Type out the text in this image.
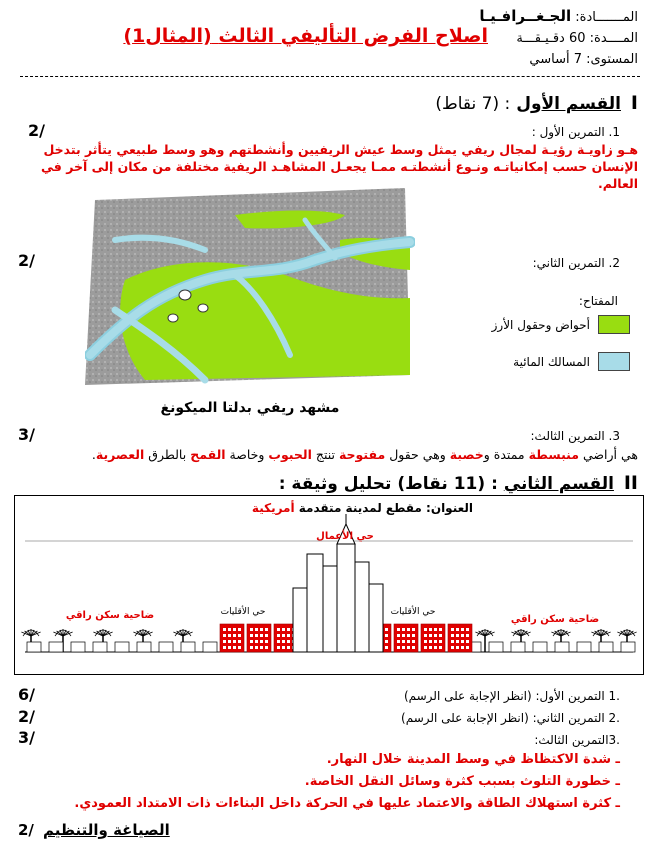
المـــــــادة: الجـغــرافـيـا
المــــدة: 60 دقـيـقـــة
المستوى: 7 أساسي
اصلاح الفرض التأليفي الثالث (المثال1)
I القسم الأول : (7 نقاط)
1. التمرين الأول :
2/
هـو زاويـة رؤيـة لمجال ريفي يمثل وسط عيش الريفيين وأنشطتهم وهو وسط طبيعي يتأثر بتدخل الإنسان حسب إمكانياتـه ونـوع أنشطتـه ممـا يجعـل المشاهـد الريفية مختلفة من مكان إلى آخر في العالم.
مشهد ريفي بدلتا الميكونغ
2. التمرين الثاني:
2/
المفتاح:
أحواض وحقول الأرز
المسالك المائية
3. التمرين الثالث:
3/
هي أراضي منبسطة ممتدة وخصبة وهي حقول مفتوحة تنتج الحبوب وخاصة القمح بالطرق العصرية.
II القسم الثاني : (11 نقاط) تحليل وثيقة :
العنوان: مقطع لمدينة متقدمة أمريكية
حي الأعمال
حي الأقليات	حي الأقليات
ضاحية سكن راقي	ضاحية سكن راقي
.1 التمرين الأول: (انظر الإجابة على الرسم)
6/
.2 التمرين الثاني: (انظر الإجابة على الرسم)
2/
.3التمرين الثالث:
3/
ـ شدة الاكتظاظ في وسط المدينة خلال النهار.
ـ خطورة التلوث بسبب كثرة وسائل النقل الخاصة.
ـ كثرة استهلاك الطاقة والاعتماد عليها في الحركة داخل البناءات ذات الامتداد العمودي.
2/ الصياغة والتنظيم
